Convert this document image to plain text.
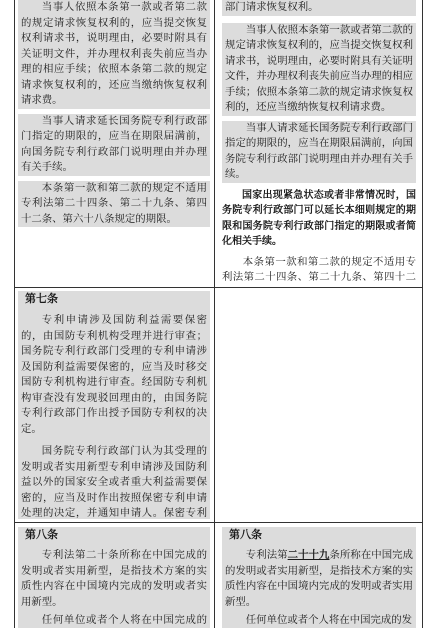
当事人依照本条第一款或者第二款的规定请求恢复权利的，应当提交恢复权利请求书，说明理由，必要时附具有关证明文件，并办理权利丧失前应当办理的相应手续；依照本条第二款的规定请求恢复权利的，还应当缴纳恢复权利请求费。

当事人请求延长国务院专利行政部门指定的期限的，应当在期限届满前，向国务院专利行政部门说明理由并办理有关手续。

本条第一款和第二款的规定不适用专利法第二十四条、第二十九条、第四十二条、第六十八条规定的期限。

部门请求恢复权利。

当事人依照本条第一款或者第二款的规定请求恢复权利的，应当提交恢复权利请求书，说明理由，必要时附具有关证明文件，并办理权利丧失前应当办理的相应手续；依照本条第二款的规定请求恢复权利的，还应当缴纳恢复权利请求费。

当事人请求延长国务院专利行政部门指定的期限的，应当在期限届满前，向国务院专利行政部门说明理由并办理有关手续。

国家出现紧急状态或者非常情况时，国务院专利行政部门可以延长本细则规定的期限和国务院专利行政部门指定的期限或者简化相关手续。

本条第一款和第二款的规定不适用专利法第二十四条、第二十九条、第四十二

第七条

专利申请涉及国防利益需要保密的，由国防专利机构受理并进行审查；国务院专利行政部门受理的专利申请涉及国防利益需要保密的，应当及时移交国防专利机构进行审查。经国防专利机构审查没有发现驳回理由的，由国务院专利行政部门作出授予国防专利权的决定。

国务院专利行政部门认为其受理的发明或者实用新型专利申请涉及国防利益以外的国家安全或者重大利益需要保密的，应当及时作出按照保密专利申请处理的决定，并通知申请人。保密专利

第八条

专利法第二十条所称在中国完成的发明或者实用新型，是指技术方案的实质性内容在中国境内完成的发明或者实用新型。

任何单位或者个人将在中国完成的

第八条

专利法第二十十九条所称在中国完成的发明或者实用新型，是指技术方案的实质性内容在中国境内完成的发明或者实用新型。

任何单位或者个人将在中国完成的发
